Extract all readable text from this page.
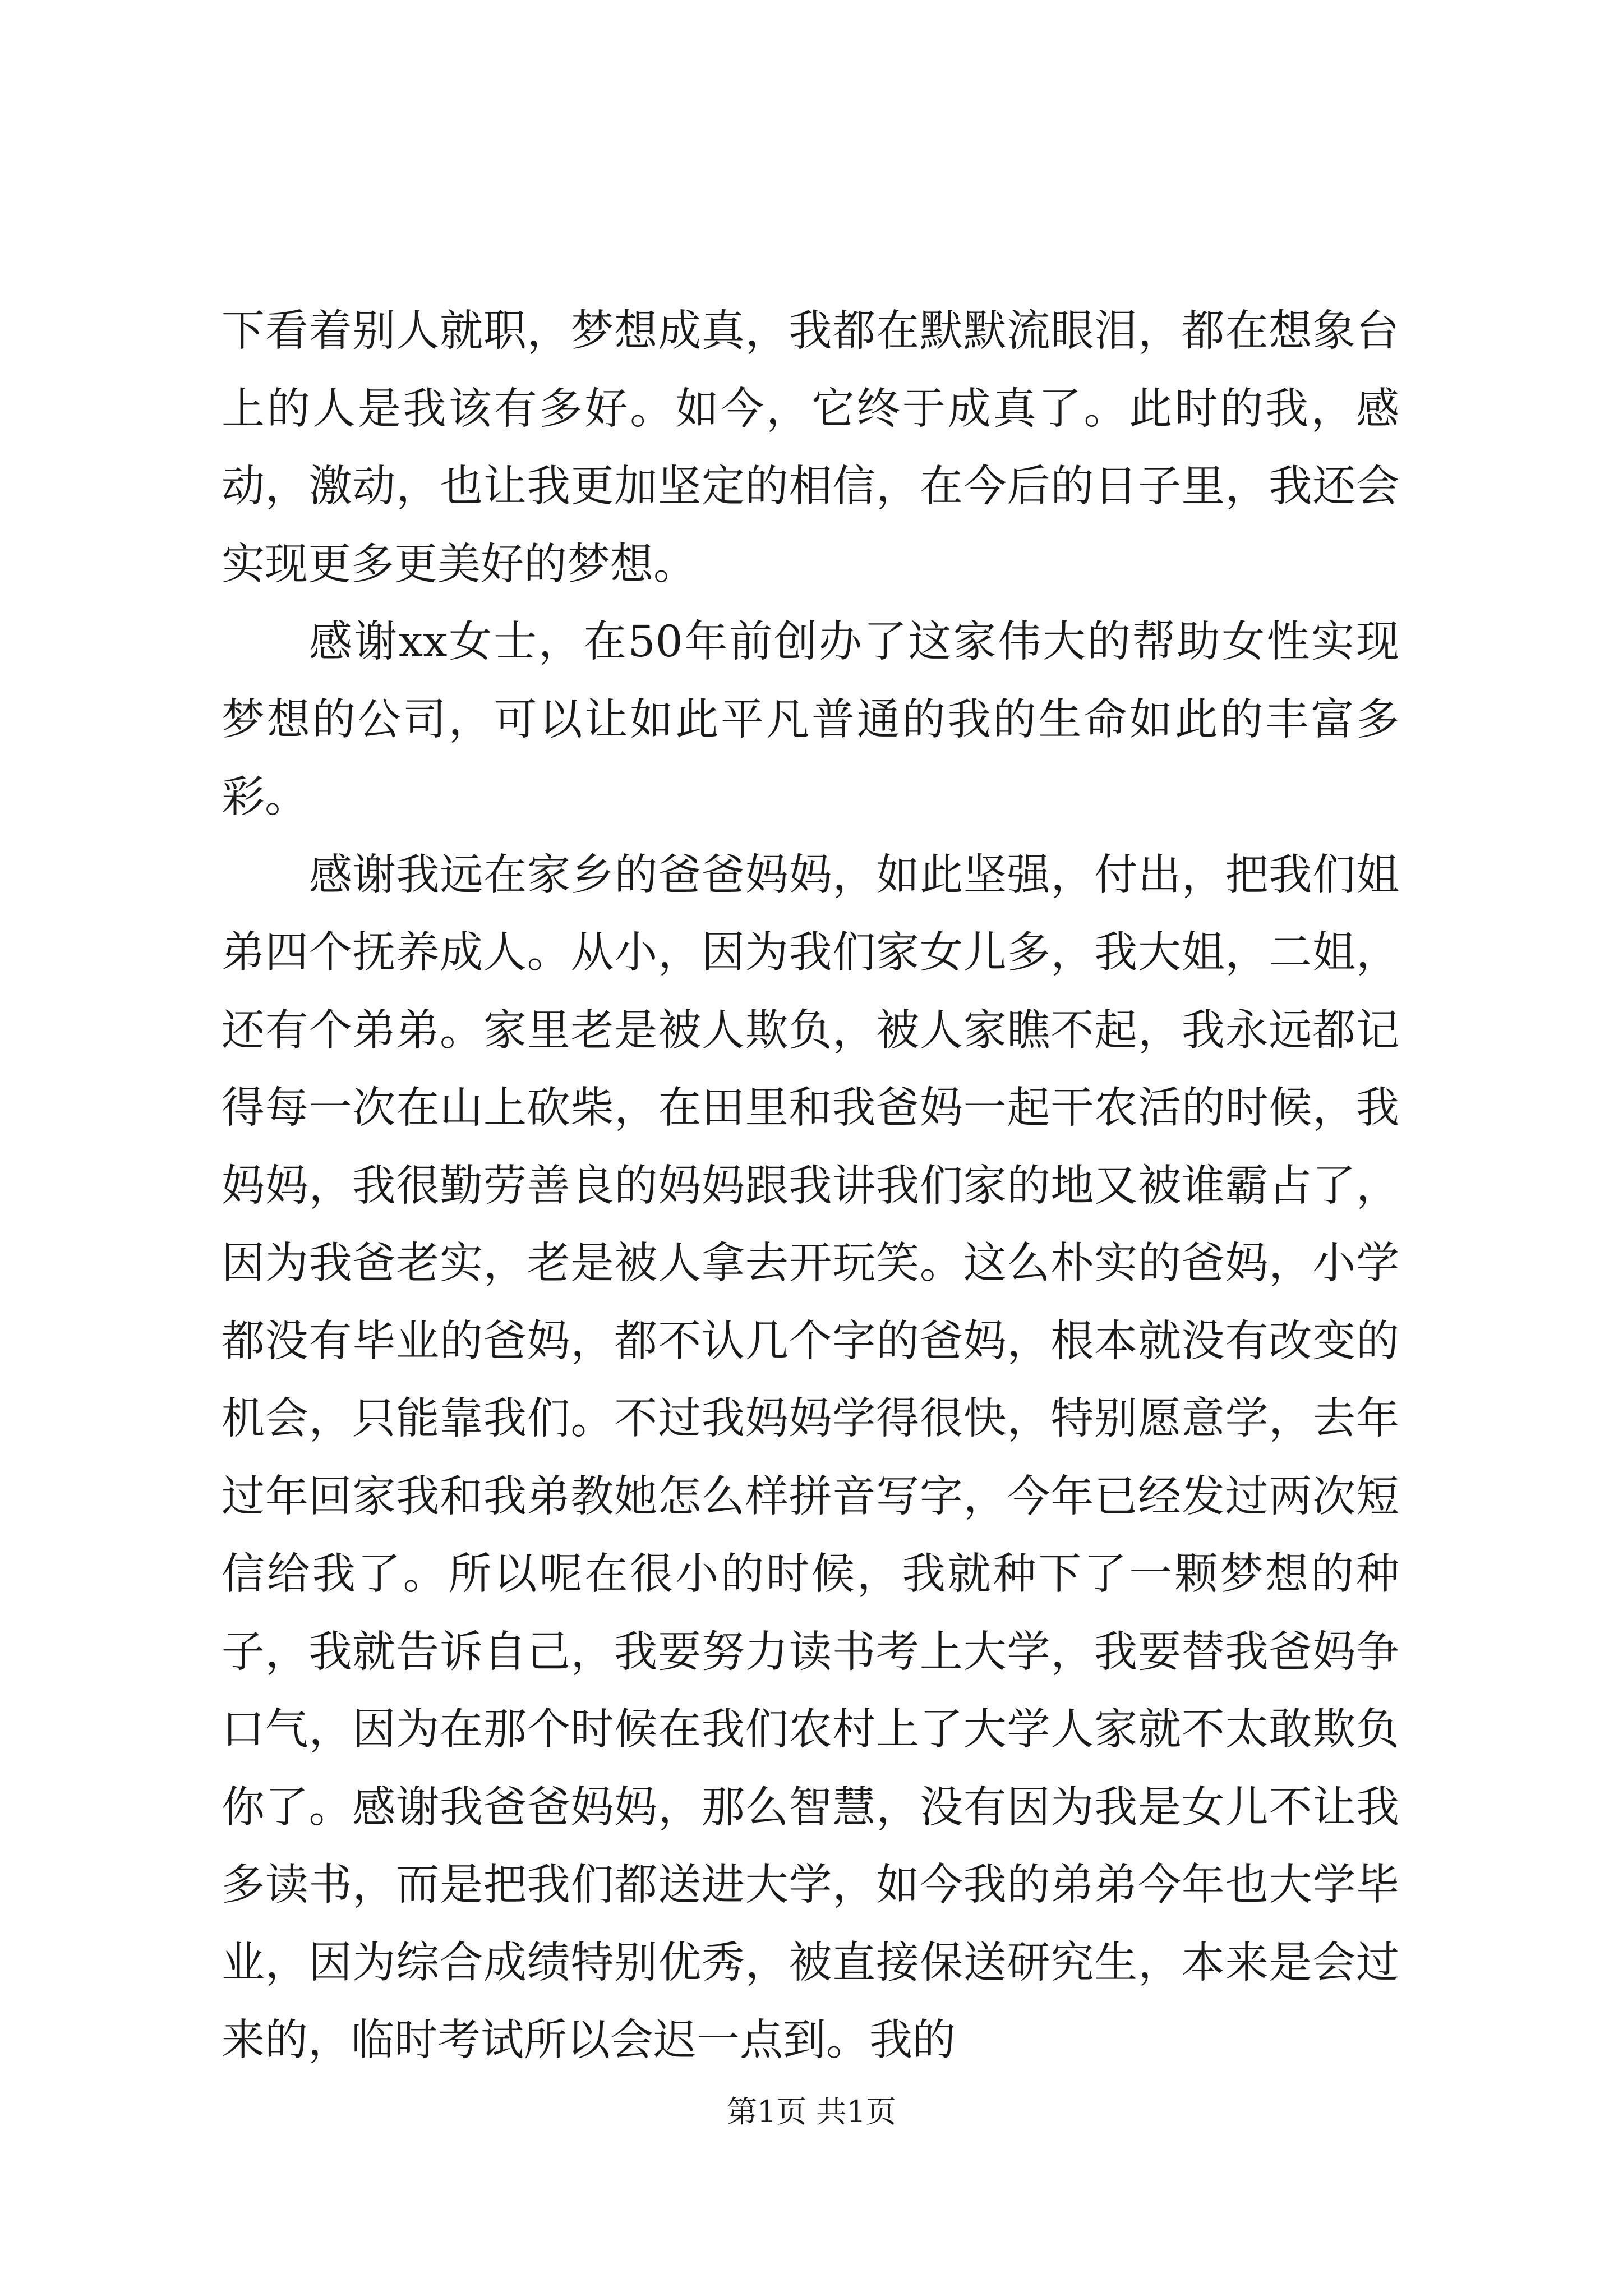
下看着别人就职，梦想成真，我都在默默流眼泪，都在想象台上的人是我该有多好。如今，它终于成真了。此时的我，感动，激动，也让我更加坚定的相信，在今后的日子里，我还会实现更多更美好的梦想。

感谢xx女士，在50年前创办了这家伟大的帮助女性实现梦想的公司，可以让如此平凡普通的我的生命如此的丰富多彩。

感谢我远在家乡的爸爸妈妈，如此坚强，付出，把我们姐弟四个抚养成人。从小，因为我们家女儿多，我大姐，二姐，还有个弟弟。家里老是被人欺负，被人家瞧不起，我永远都记得每一次在山上砍柴，在田里和我爸妈一起干农活的时候，我妈妈，我很勤劳善良的妈妈跟我讲我们家的地又被谁霸占了，因为我爸老实，老是被人拿去开玩笑。这么朴实的爸妈，小学都没有毕业的爸妈，都不认几个字的爸妈，根本就没有改变的机会，只能靠我们。不过我妈妈学得很快，特别愿意学，去年过年回家我和我弟教她怎么样拼音写字，今年已经发过两次短信给我了。所以呢在很小的时候，我就种下了一颗梦想的种子，我就告诉自己，我要努力读书考上大学，我要替我爸妈争口气，因为在那个时候在我们农村上了大学人家就不太敢欺负你了。感谢我爸爸妈妈，那么智慧，没有因为我是女儿不让我多读书，而是把我们都送进大学，如今我的弟弟今年也大学毕业，因为综合成绩特别优秀，被直接保送研究生，本来是会过来的，临时考试所以会迟一点到。我的

第1页 共1页
